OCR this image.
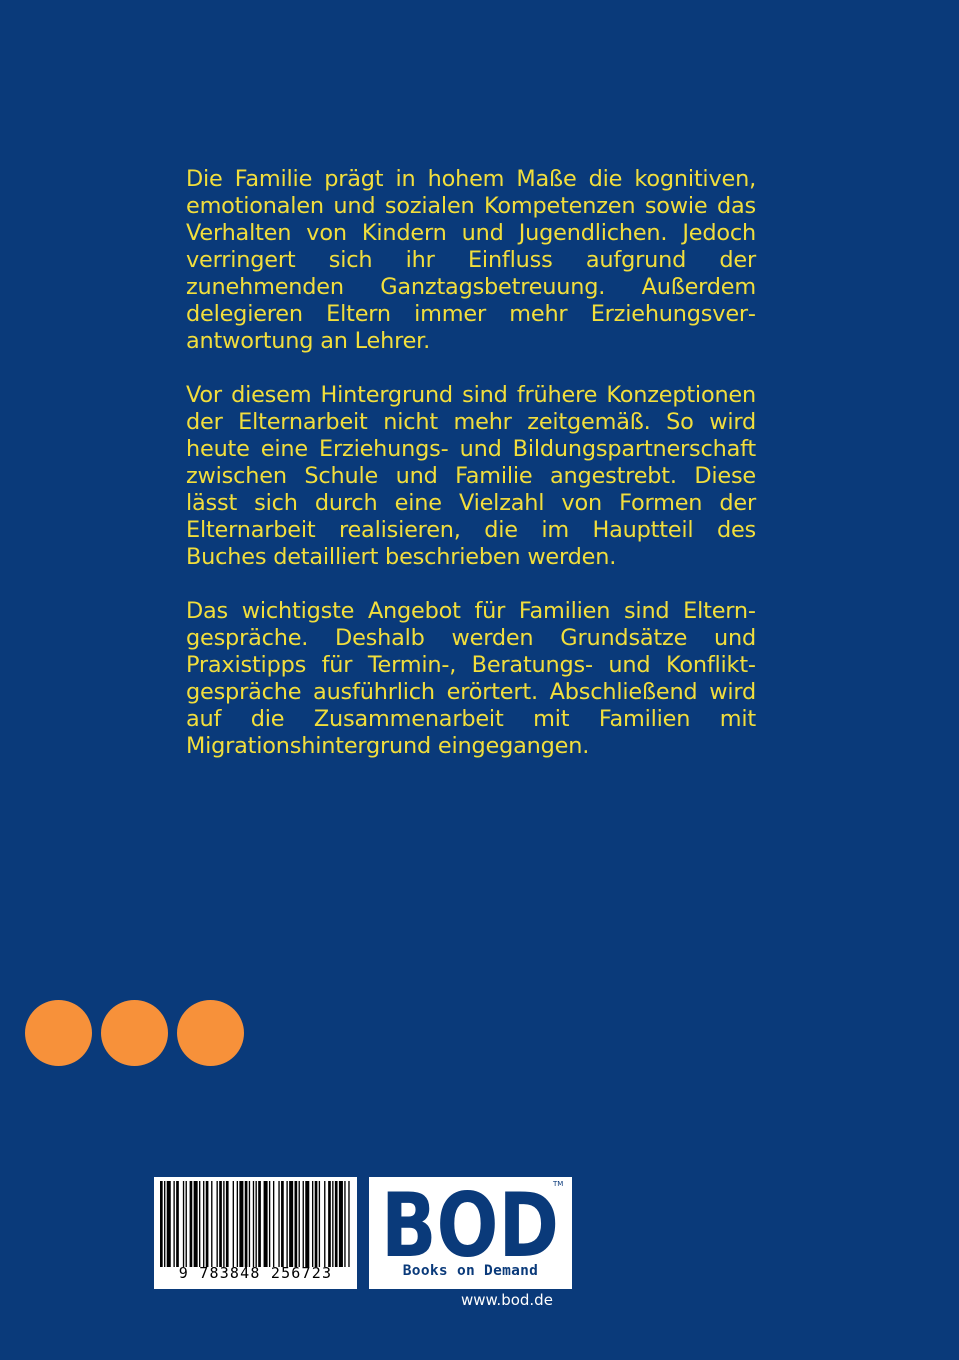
Die Familie prägt in hohem Maße die kognitiven, emotionalen und sozialen Kompetenzen sowie das Verhalten von Kindern und Jugendlichen. Jedoch verringert sich ihr Einfluss aufgrund der zunehmenden Ganztagsbetreuung. Außerdem delegieren Eltern immer mehr Erziehungsverantwortung an Lehrer.

Vor diesem Hintergrund sind frühere Konzeptionen der Elternarbeit nicht mehr zeitgemäß. So wird heute eine Erziehungs- und Bildungspartnerschaft zwischen Schule und Familie angestrebt. Diese lässt sich durch eine Vielzahl von Formen der Elternarbeit realisieren, die im Hauptteil des Buches detailliert beschrieben werden.

Das wichtigste Angebot für Familien sind Elterngespräche. Deshalb werden Grundsätze und Praxistipps für Termin-, Beratungs- und Konfliktgespräche ausführlich erörtert. Abschließend wird auf die Zusammenarbeit mit Familien mit Migrationshintergrund eingegangen.

9 783848 256723 BOD
TM
Books on Demand
www.bod.de
